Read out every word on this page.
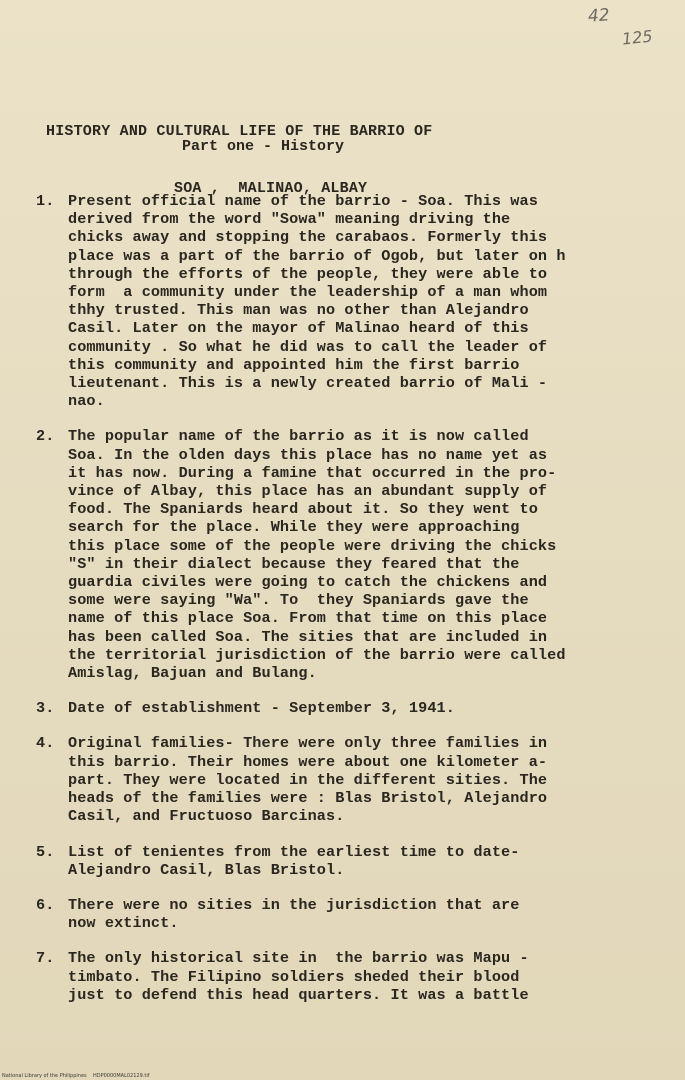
42
125

HISTORY AND CULTURAL LIFE OF THE BARRIO OF

SOA ,  MALINAO, ALBAY

Part one - History
1. Present official name of the barrio - Soa. This was
derived from the word "Sowa" meaning driving the
chicks away and stopping the carabaos. Formerly this
place was a part of the barrio of Ogob, but later on h
through the efforts of the people, they were able to
form  a community under the leadership of a man whom
thhy trusted. This man was no other than Alejandro
Casil. Later on the mayor of Malinao heard of this
community . So what he did was to call the leader of
this community and appointed him the first barrio
lieutenant. This is a newly created barrio of Mali -
nao.
2. The popular name of the barrio as it is now called
Soa. In the olden days this place has no name yet as
it has now. During a famine that occurred in the pro-
vince of Albay, this place has an abundant supply of
food. The Spaniards heard about it. So they went to
search for the place. While they were approaching
this place some of the people were driving the chicks
"S" in their dialect because they feared that the
guardia civiles were going to catch the chickens and
some were saying "Wa". To  they Spaniards gave the
name of this place Soa. From that time on this place
has been called Soa. The sities that are included in
the territorial jurisdiction of the barrio were called
Amislag, Bajuan and Bulang.
3. Date of establishment - September 3, 1941.
4. Original families- There were only three families in
this barrio. Their homes were about one kilometer a-
part. They were located in the different sities. The
heads of the families were : Blas Bristol, Alejandro
Casil, and Fructuoso Barcinas.
5. List of tenientes from the earliest time to date-
Alejandro Casil, Blas Bristol.
6. There were no sities in the jurisdiction that are
now extinct.
7. The only historical site in  the barrio was Mapu -
timbato. The Filipino soldiers sheded their blood
just to defend this head quarters. It was a battle
National Library of the Philippines    HDP0000MAL02129.tif
